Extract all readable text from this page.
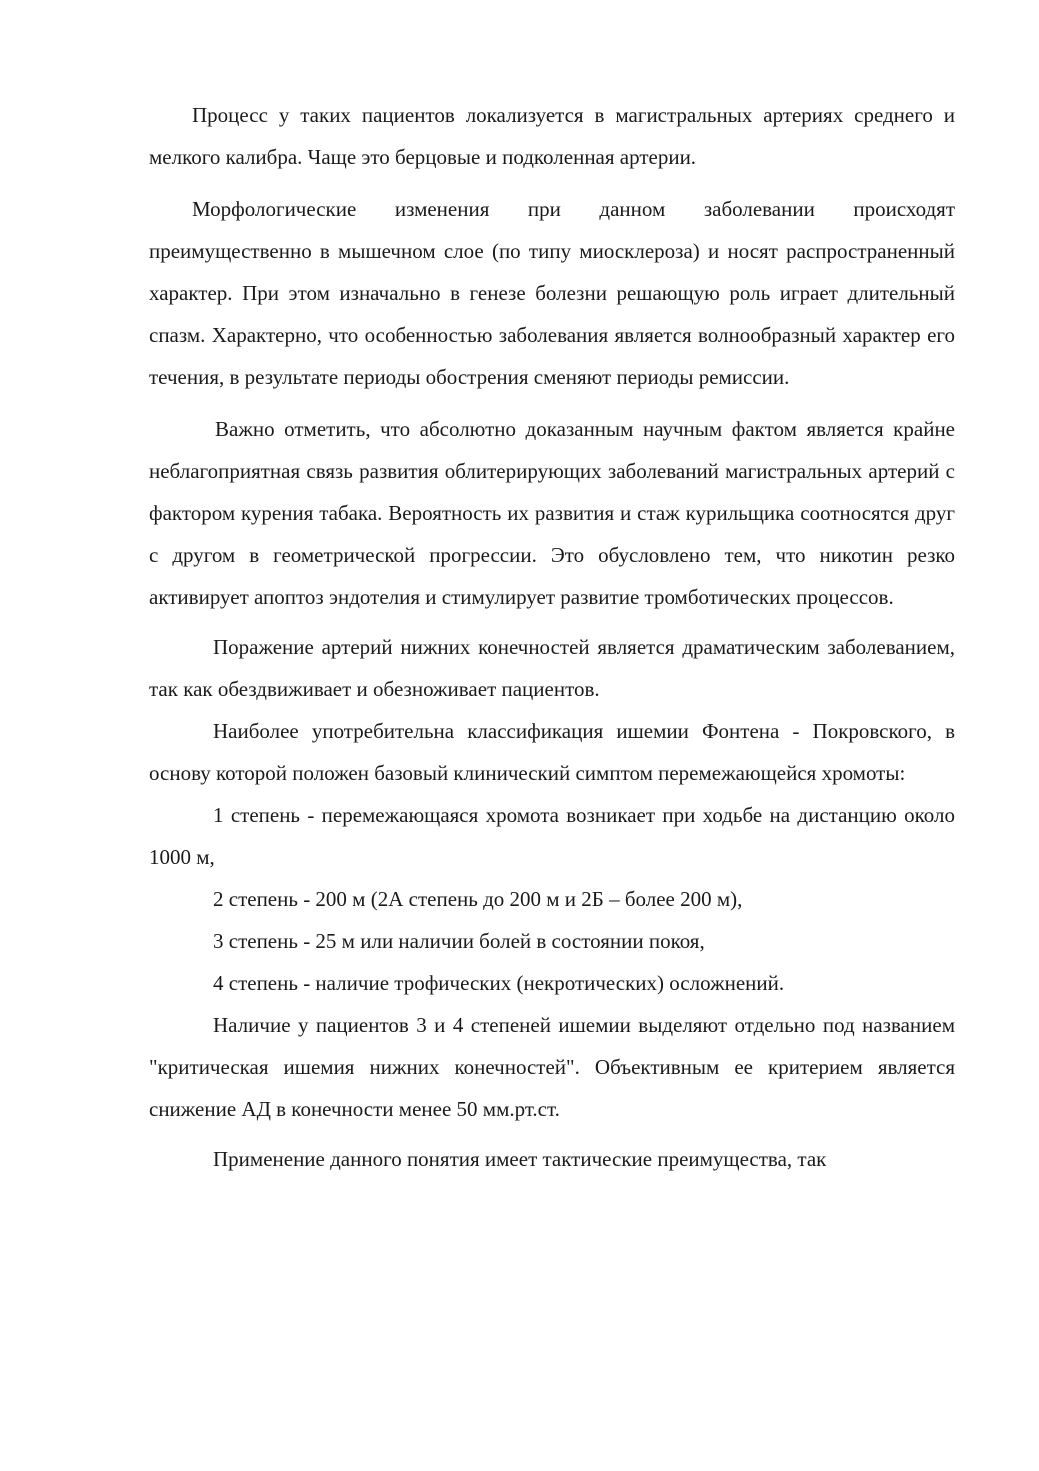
Процесс у таких пациентов локализуется в магистральных артериях среднего и мелкого калибра. Чаще это берцовые и подколенная артерии.

Морфологические изменения при данном заболевании происходят преимущественно в мышечном слое (по типу миосклероза) и носят распространенный характер. При этом изначально в генезе болезни решающую роль играет длительный спазм. Характерно, что особенностью заболевания является волнообразный характер его течения, в результате периоды обострения сменяют периоды ремиссии.

Важно отметить, что абсолютно доказанным научным фактом является крайне неблагоприятная связь развития облитерирующих заболеваний магистральных артерий с фактором курения табака. Вероятность их развития и стаж курильщика соотносятся друг с другом в геометрической прогрессии. Это обусловлено тем, что никотин резко активирует апоптоз эндотелия и стимулирует развитие тромботических процессов.

Поражение артерий нижних конечностей является драматическим заболеванием, так как обездвиживает и обезноживает пациентов.

Наиболее употребительна классификация ишемии Фонтена - Покровского, в основу которой положен базовый клинический симптом перемежающейся хромоты:

1 степень - перемежающаяся хромота возникает при ходьбе на дистанцию около 1000 м,

2 степень - 200 м (2А степень до 200 м и 2Б – более 200 м),

3 степень - 25 м или наличии болей в состоянии покоя,

4 степень - наличие трофических (некротических) осложнений.

Наличие у пациентов 3 и 4 степеней ишемии выделяют отдельно под названием "критическая ишемия нижних конечностей". Объективным ее критерием является снижение АД в конечности менее 50 мм.рт.ст.

Применение данного понятия имеет тактические преимущества, так
